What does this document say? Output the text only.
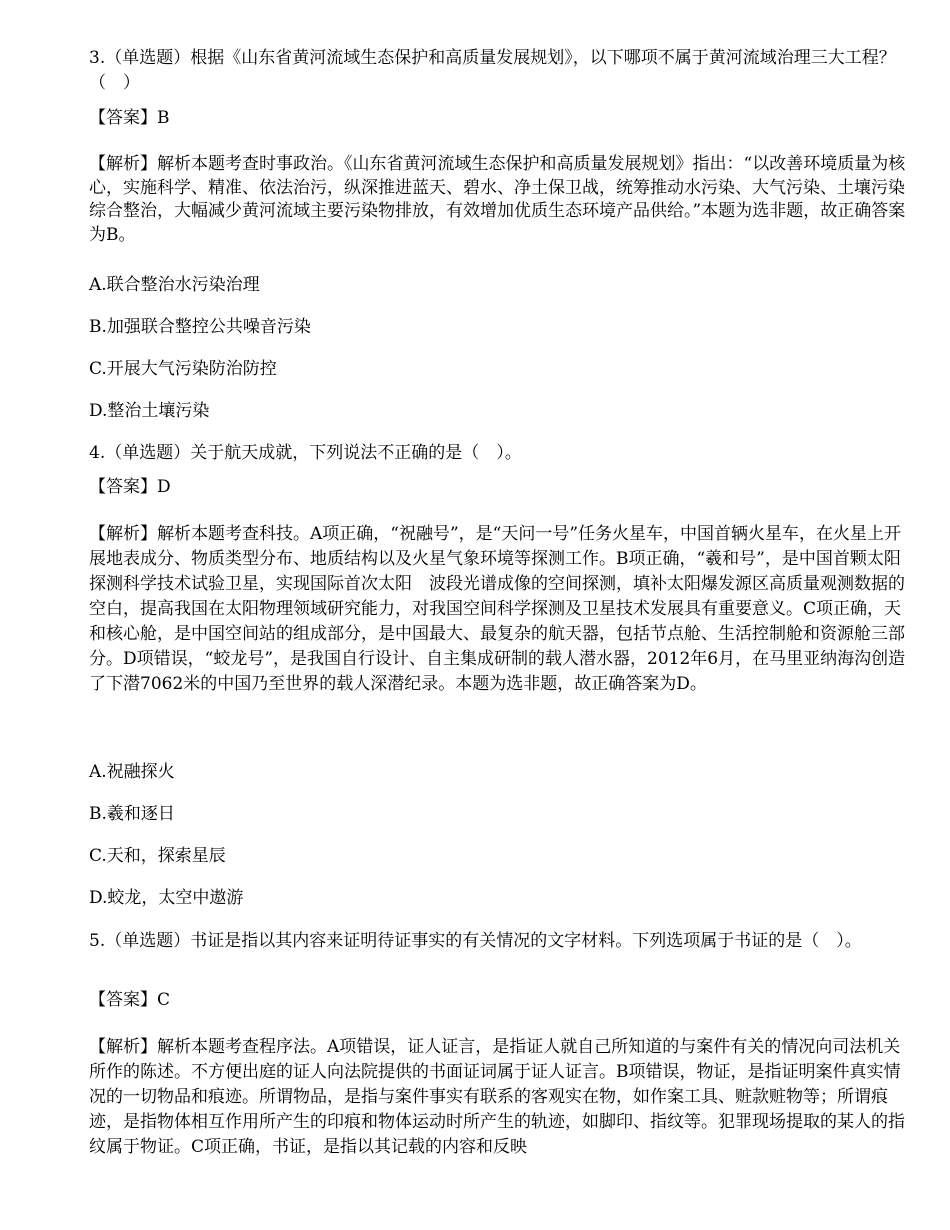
3.（单选题）根据《山东省黄河流域生态保护和高质量发展规划》，以下哪项不属于黄河流域治理三大工程？（　）
【答案】B
【解析】解析本题考查时事政治。《山东省黄河流域生态保护和高质量发展规划》指出：“以改善环境质量为核心，实施科学、精准、依法治污，纵深推进蓝天、碧水、净土保卫战，统筹推动水污染、大气污染、土壤污染综合整治，大幅减少黄河流域主要污染物排放，有效增加优质生态环境产品供给。”本题为选非题，故正确答案为B。
A.联合整治水污染治理
B.加强联合整控公共噪音污染
C.开展大气污染防治防控
D.整治土壤污染
4.（单选题）关于航天成就，下列说法不正确的是（　）。
【答案】D
【解析】解析本题考查科技。A项正确，“祝融号”，是“天问一号”任务火星车，中国首辆火星车，在火星上开展地表成分、物质类型分布、地质结构以及火星气象环境等探测工作。B项正确，“羲和号”，是中国首颗太阳探测科学技术试验卫星，实现国际首次太阳　波段光谱成像的空间探测，填补太阳爆发源区高质量观测数据的空白，提高我国在太阳物理领域研究能力，对我国空间科学探测及卫星技术发展具有重要意义。C项正确，天和核心舱，是中国空间站的组成部分，是中国最大、最复杂的航天器，包括节点舱、生活控制舱和资源舱三部分。D项错误，“蛟龙号”，是我国自行设计、自主集成研制的载人潜水器，2012年6月，在马里亚纳海沟创造了下潜7062米的中国乃至世界的载人深潜纪录。本题为选非题，故正确答案为D。
A.祝融探火
B.羲和逐日
C.天和，探索星辰
D.蛟龙，太空中遨游
5.（单选题）书证是指以其内容来证明待证事实的有关情况的文字材料。下列选项属于书证的是（　）。
【答案】C
【解析】解析本题考查程序法。A项错误，证人证言，是指证人就自己所知道的与案件有关的情况向司法机关所作的陈述。不方便出庭的证人向法院提供的书面证词属于证人证言。B项错误，物证，是指证明案件真实情况的一切物品和痕迹。所谓物品，是指与案件事实有联系的客观实在物，如作案工具、赃款赃物等；所谓痕迹，是指物体相互作用所产生的印痕和物体运动时所产生的轨迹，如脚印、指纹等。犯罪现场提取的某人的指纹属于物证。C项正确，书证，是指以其记载的内容和反映
